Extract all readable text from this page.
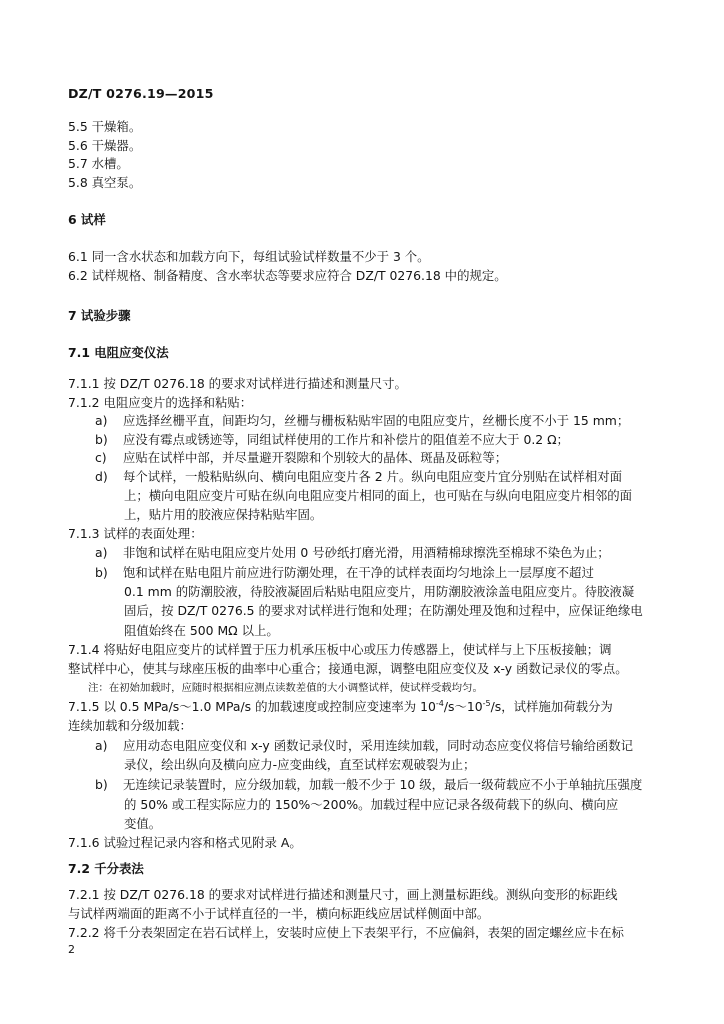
DZ/T 0276.19—2015
5.5 干燥箱。
5.6 干燥器。
5.7 水槽。
5.8 真空泵。
6 试样
6.1 同一含水状态和加载方向下，每组试验试样数量不少于 3 个。
6.2 试样规格、制备精度、含水率状态等要求应符合 DZ/T 0276.18 中的规定。
7 试验步骤
7.1 电阻应变仪法
7.1.1 按 DZ/T 0276.18 的要求对试样进行描述和测量尺寸。
7.1.2 电阻应变片的选择和粘贴：
a) 应选择丝栅平直，间距均匀，丝栅与栅板粘贴牢固的电阻应变片，丝栅长度不小于 15 mm；
b) 应没有霉点或锈迹等，同组试样使用的工作片和补偿片的阻值差不应大于 0.2 Ω；
c) 应贴在试样中部，并尽量避开裂隙和个别较大的晶体、斑晶及砾粒等；
d) 每个试样，一般粘贴纵向、横向电阻应变片各 2 片。纵向电阻应变片宜分别贴在试样相对面
上；横向电阻应变片可贴在纵向电阻应变片相同的面上，也可贴在与纵向电阻应变片相邻的面
上，贴片用的胶液应保持粘贴牢固。
7.1.3 试样的表面处理：
a) 非饱和试样在贴电阻应变片处用 0 号砂纸打磨光滑，用酒精棉球擦洗至棉球不染色为止；
b) 饱和试样在贴电阻片前应进行防潮处理，在干净的试样表面均匀地涂上一层厚度不超过
0.1 mm 的防潮胶液，待胶液凝固后粘贴电阻应变片，用防潮胶液涂盖电阻应变片。待胶液凝
固后，按 DZ/T 0276.5 的要求对试样进行饱和处理；在防潮处理及饱和过程中，应保证绝缘电
阻值始终在 500 MΩ 以上。
7.1.4 将贴好电阻应变片的试样置于压力机承压板中心或压力传感器上，使试样与上下压板接触；调
整试样中心，使其与球座压板的曲率中心重合；接通电源，调整电阻应变仪及 x-y 函数记录仪的零点。
注：在初始加载时，应随时根据相应测点读数差值的大小调整试样，使试样受载均匀。
7.1.5 以 0.5 MPa/s～1.0 MPa/s 的加载速度或控制应变速率为 $10^{-4}/s\sim 10^{-5}/s$，试样施加荷载分为
连续加载和分级加载：
a) 应用动态电阻应变仪和 x-y 函数记录仪时，采用连续加载，同时动态应变仪将信号输给函数记
录仪，绘出纵向及横向应力-应变曲线，直至试样宏观破裂为止；
b) 无连续记录装置时，应分级加载，加载一般不少于 10 级，最后一级荷载应不小于单轴抗压强度
的 50% 或工程实际应力的 150%～200%。加载过程中应记录各级荷载下的纵向、横向应
变值。
7.1.6 试验过程记录内容和格式见附录 A。
7.2 千分表法
7.2.1 按 DZ/T 0276.18 的要求对试样进行描述和测量尺寸，画上测量标距线。测纵向变形的标距线
与试样两端面的距离不小于试样直径的一半，横向标距线应居试样侧面中部。
7.2.2 将千分表架固定在岩石试样上，安装时应使上下表架平行，不应偏斜，表架的固定螺丝应卡在标
2
